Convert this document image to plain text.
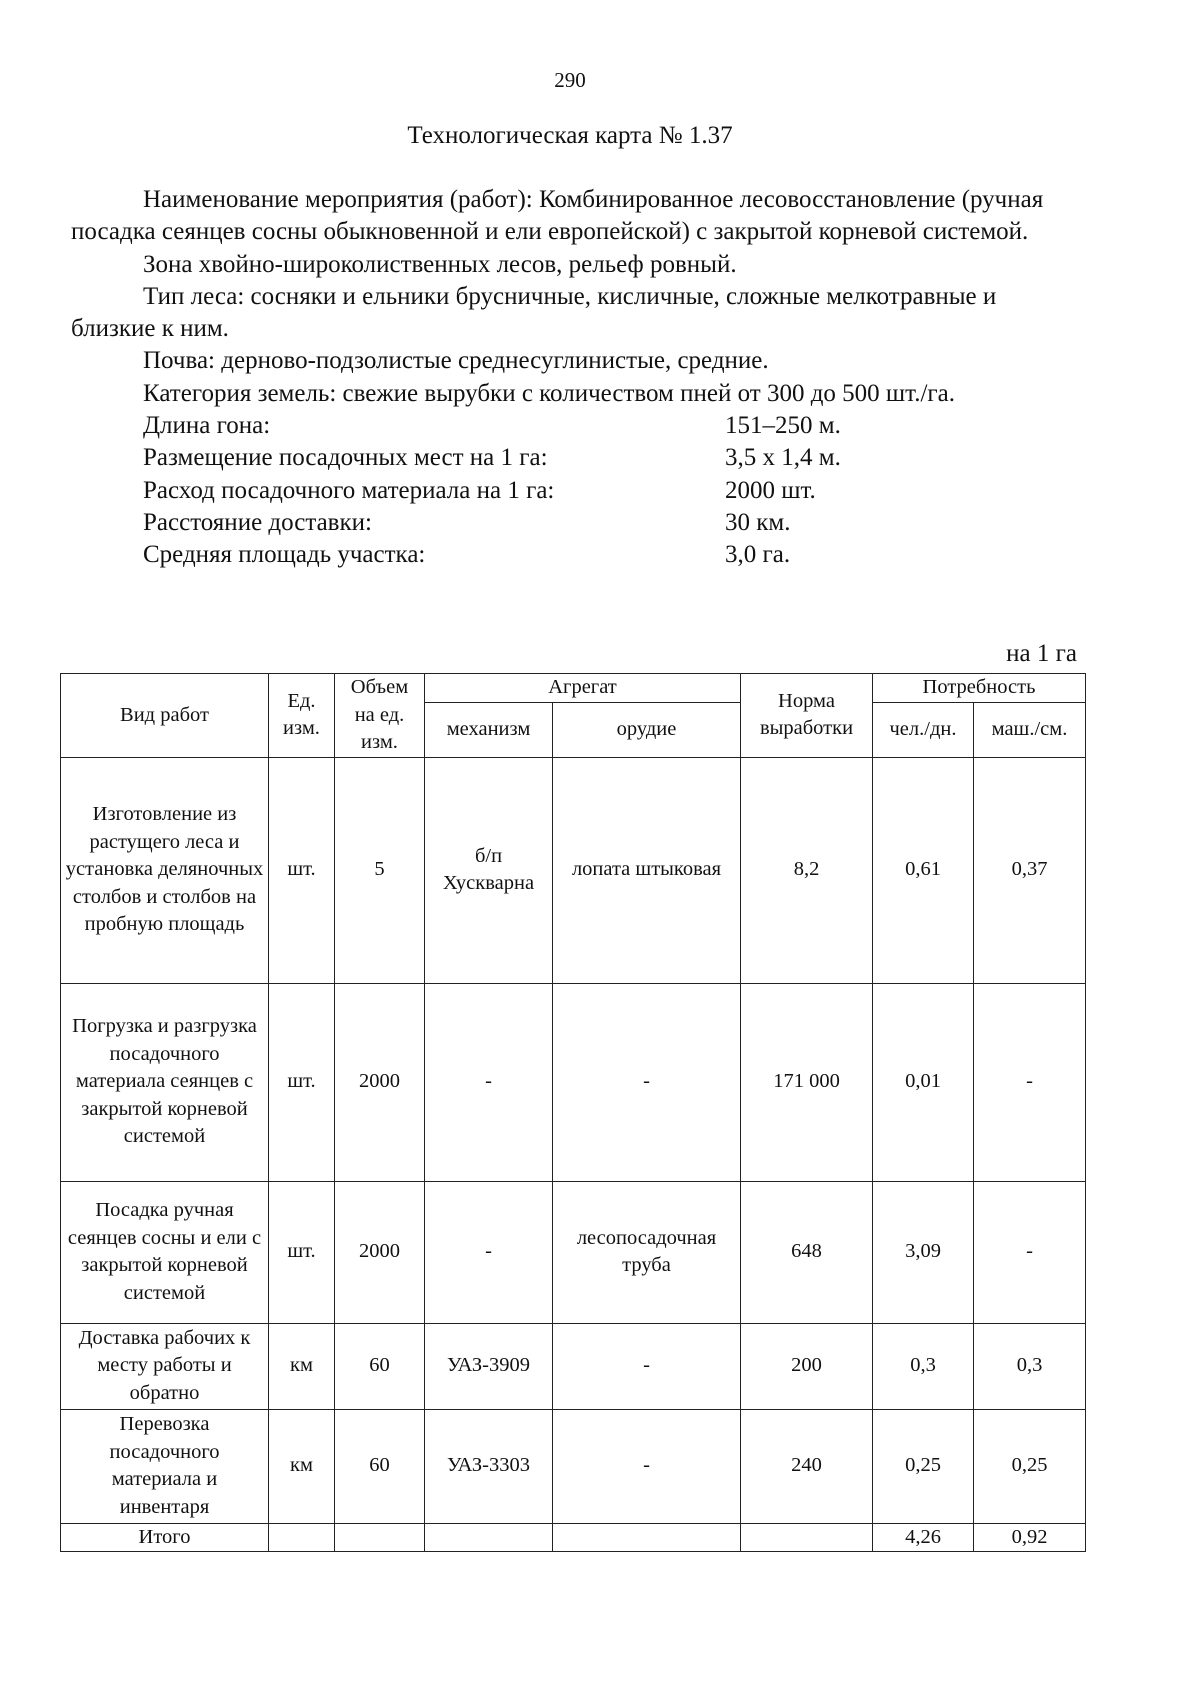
290
Технологическая карта № 1.37

Наименование мероприятия (работ): Комбинированное лесовосстановление (ручная посадка сеянцев сосны обыкновенной и ели европейской) с закрытой корневой системой.

Зона хвойно-широколиственных лесов, рельеф ровный.

Тип леса: сосняки и ельники брусничные, кисличные, сложные мелкотравные и близкие к ним.

Почва: дерново-подзолистые среднесуглинистые, средние.

Категория земель: свежие вырубки с количеством пней от 300 до 500 шт./га.

Длина гона:	151–250 м.
Размещение посадочных мест на 1 га:	3,5 х 1,4 м.
Расход посадочного материала на 1 га:	2000 шт.
Расстояние доставки:	30 км.
Средняя площадь участка:	3,0 га.
на 1 га
Вид работ	Ед. изм.	Объем на ед. изм.	Агрегат		Норма выработки	Потребность	
			механизм	орудие		чел./дн.	маш./см.
Изготовление из растущего леса и установка деляночных столбов и столбов на пробную площадь	шт.	5	б/п Хускварна	лопата штыковая	8,2	0,61	0,37
Погрузка и разгрузка посадочного материала сеянцев с закрытой корневой системой	шт.	2000	-	-	171 000	0,01	-
Посадка ручная сеянцев сосны и ели с закрытой корневой системой	шт.	2000	-	лесопосадочная труба	648	3,09	-
Доставка рабочих к месту работы и обратно	км	60	УАЗ-3909	-	200	0,3	0,3
Перевозка посадочного материала и инвентаря	км	60	УАЗ-3303	-	240	0,25	0,25
Итого						4,26	0,92
